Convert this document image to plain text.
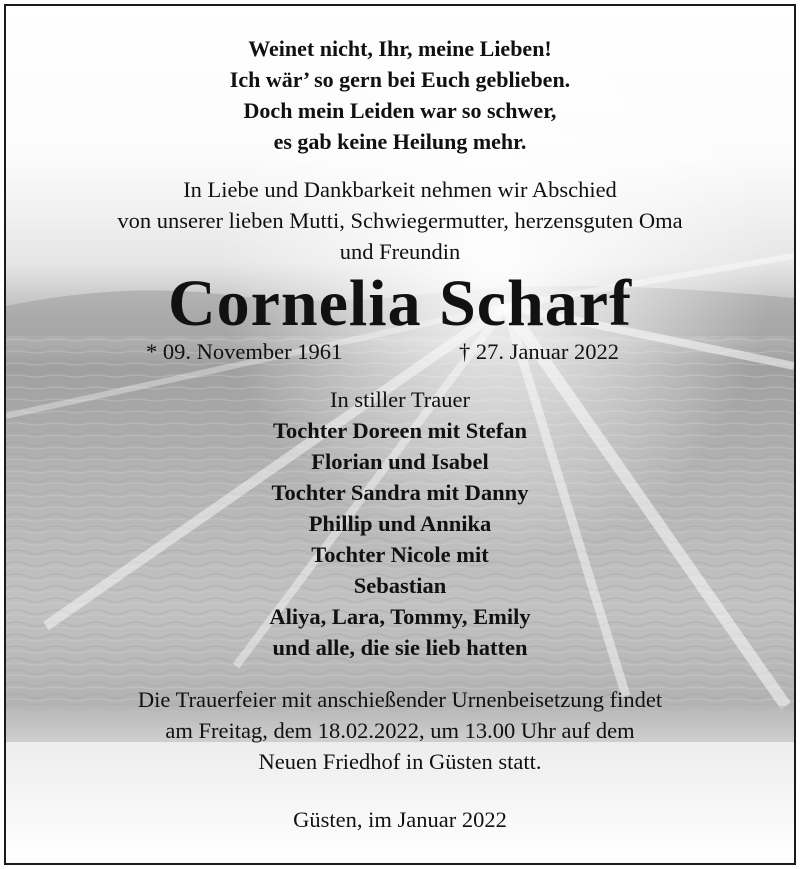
Weinet nicht, Ihr, meine Lieben!
Ich wär’ so gern bei Euch geblieben.
Doch mein Leiden war so schwer,
es gab keine Heilung mehr.
In Liebe und Dankbarkeit nehmen wir Abschied
von unserer lieben Mutti, Schwiegermutter, herzensguten Oma
und Freundin
Cornelia Scharf
* 09. November 1961	† 27. Januar 2022
In stiller Trauer
Tochter Doreen mit Stefan
Florian und Isabel
Tochter Sandra mit Danny
Phillip und Annika
Tochter Nicole mit
Sebastian
Aliya, Lara, Tommy, Emily
und alle, die sie lieb hatten
Die Trauerfeier mit anschießender Urnenbeisetzung findet
am Freitag, dem 18.02.2022, um 13.00 Uhr auf dem
Neuen Friedhof in Güsten statt.
Güsten, im Januar 2022
